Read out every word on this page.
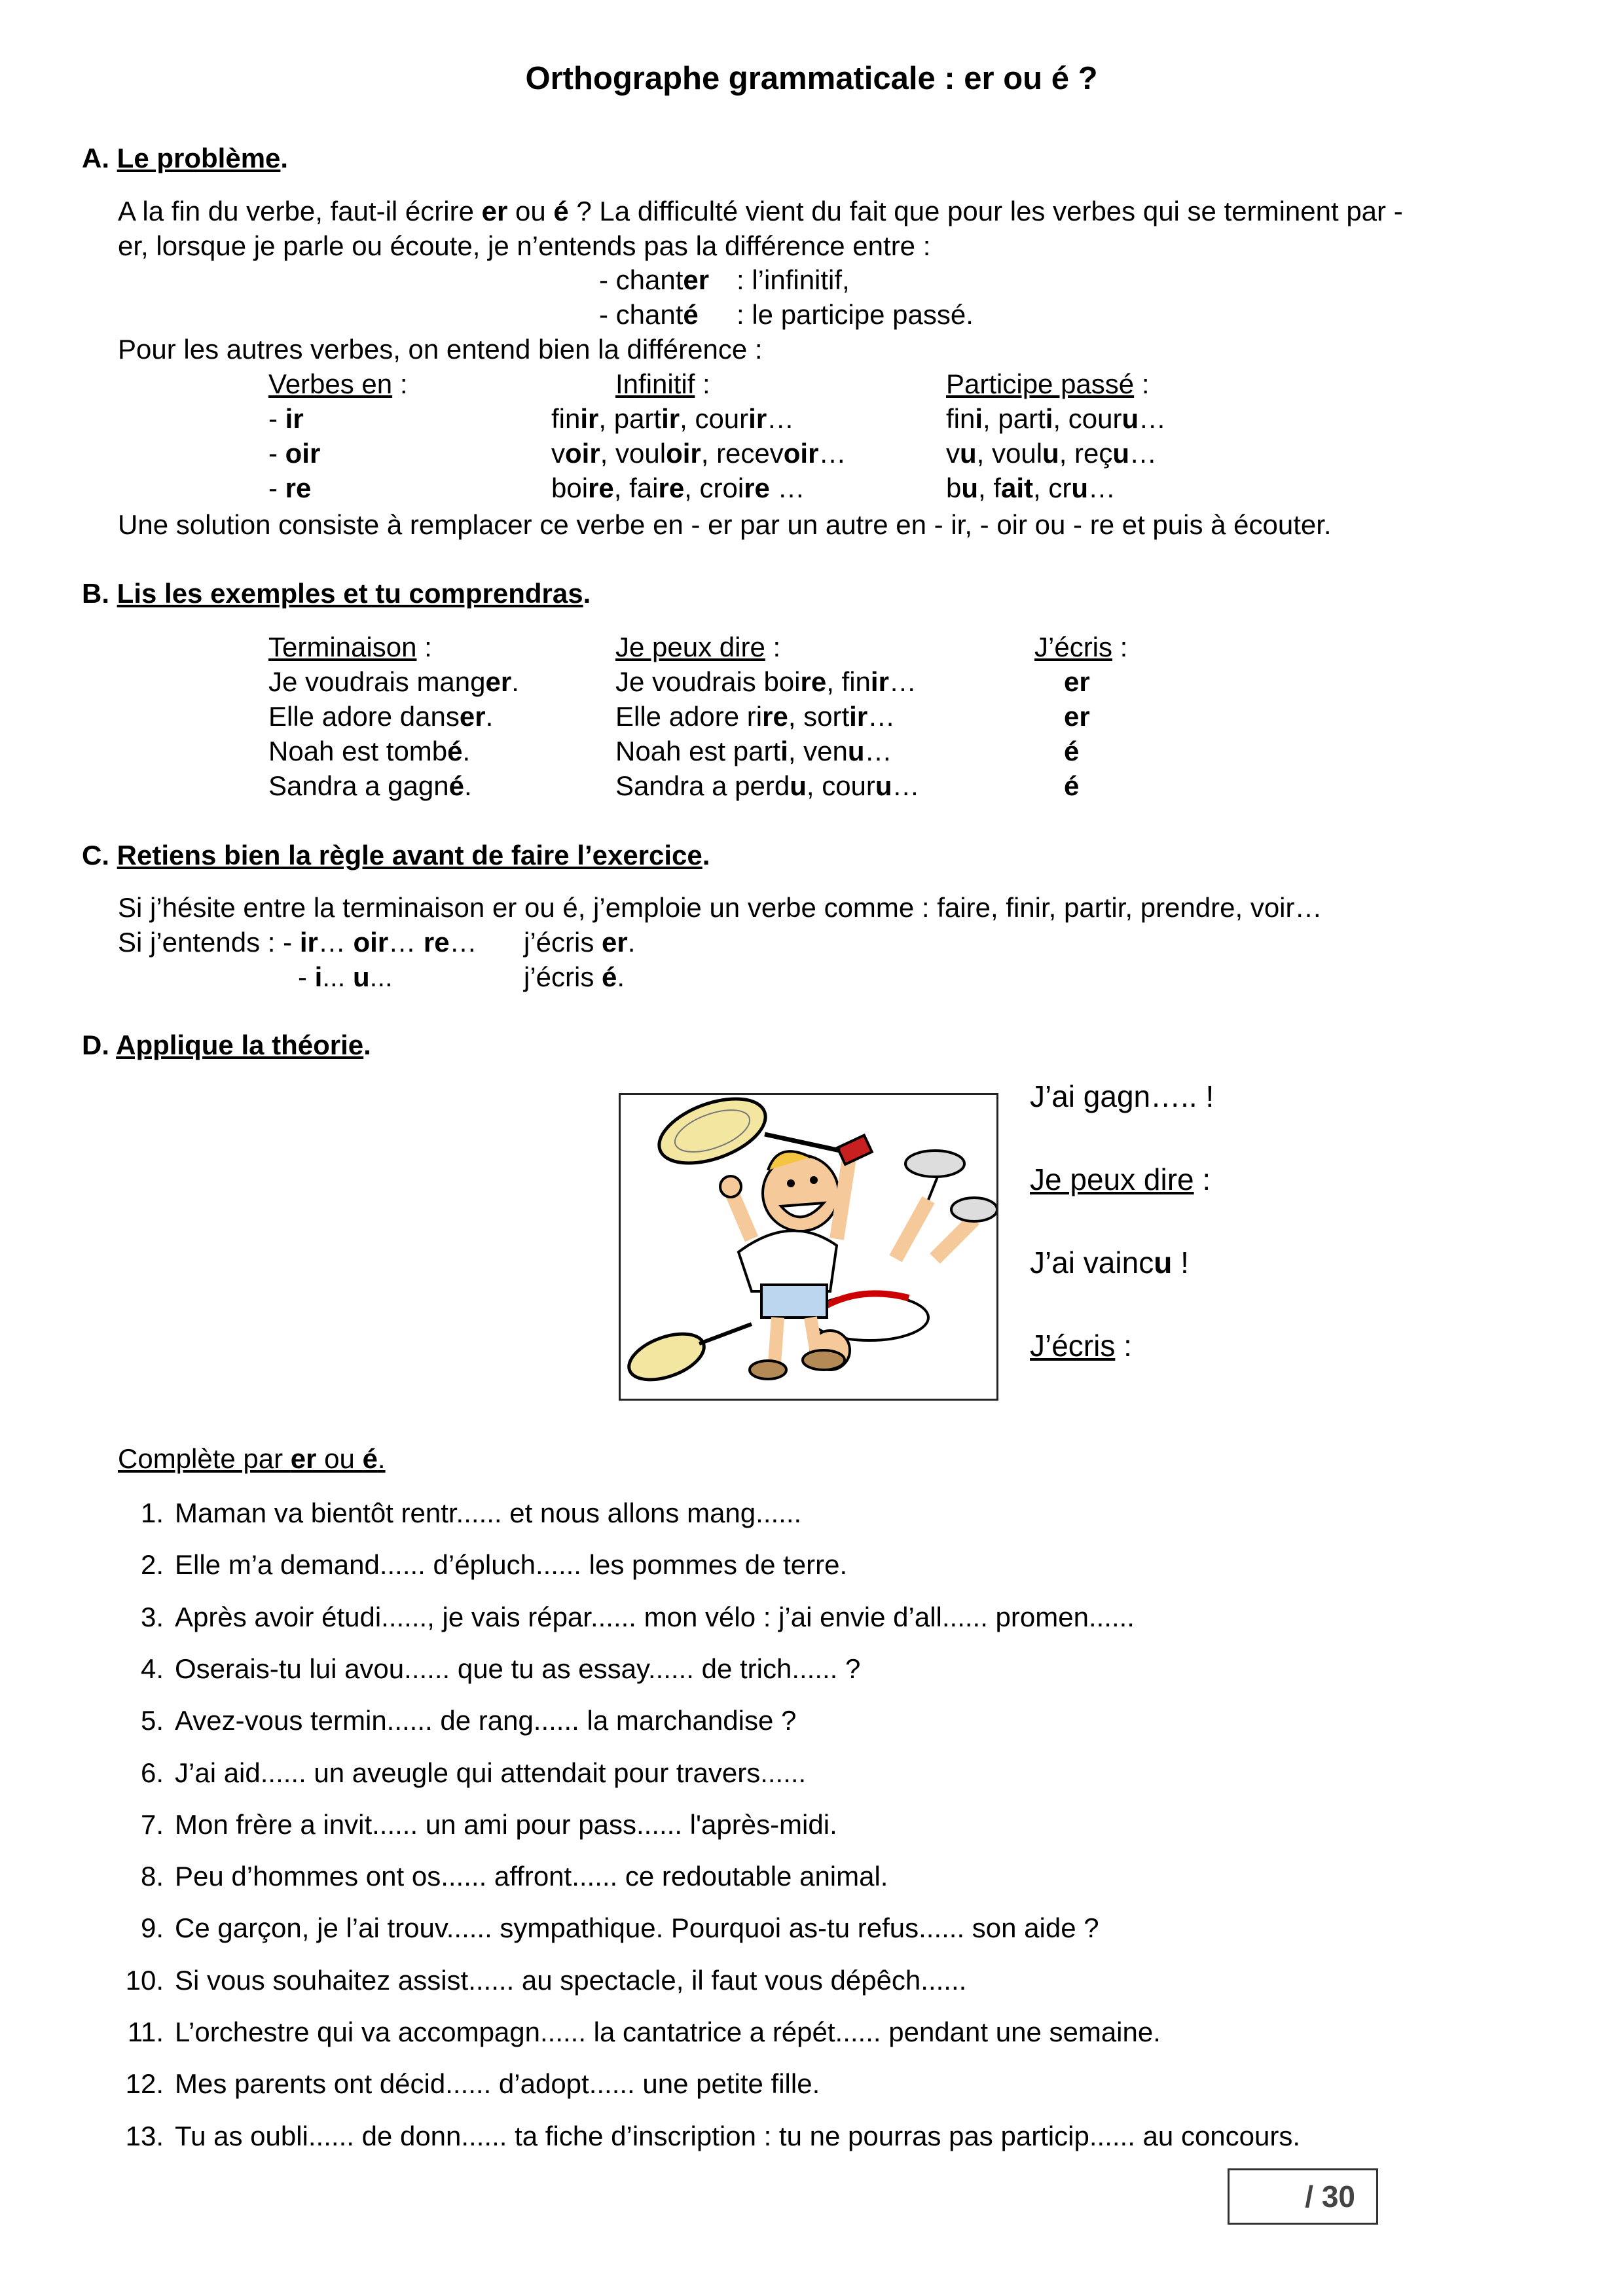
Orthographe grammaticale : er ou é ?
A. Le problème.
A la fin du verbe, faut-il écrire er ou é ? La difficulté vient du fait que pour les verbes qui se terminent par -
er, lorsque je parle ou écoute, je n’entends pas la différence entre :
- chanter : l’infinitif,
- chanté : le participe passé.
Pour les autres verbes, on entend bien la différence :
Verbes en :	Infinitif :	Participe passé :
- ir	finir, partir, courir…	fini, parti, couru…
- oir	voir, vouloir, recevoir…	vu, voulu, reçu…
- re	boire, faire, croire …	bu, fait, cru…
Une solution consiste à remplacer ce verbe en - er par un autre en - ir, - oir ou - re et puis à écouter.
B. Lis les exemples et tu comprendras.
Terminaison :	Je peux dire :	J’écris :
Je voudrais manger.	Je voudrais boire, finir…	er
Elle adore danser.	Elle adore rire, sortir…	er
Noah est tombé.	Noah est parti, venu…	é
Sandra a gagné.	Sandra a perdu, couru…	é
C. Retiens bien la règle avant de faire l’exercice.
Si j’hésite entre la terminaison er ou é, j’emploie un verbe comme : faire, finir, partir, prendre, voir…
Si j’entends : - ir… oir… re… j’écris er.
- i... u...	j’écris é.
D. Applique la théorie.
J’ai gagn….. !
Je peux dire :
J’ai vaincu !
J’écris :
Complète par er ou é.
1. Maman va bientôt rentr...... et nous allons mang......
2. Elle m’a demand...... d’épluch...... les pommes de terre.
3. Après avoir étudi......, je vais répar...... mon vélo : j’ai envie d’all...... promen......
4. Oserais-tu lui avou...... que tu as essay...... de trich...... ?
5. Avez-vous termin...... de rang...... la marchandise ?
6. J’ai aid...... un aveugle qui attendait pour travers......
7. Mon frère a invit...... un ami pour pass...... l'après-midi.
8. Peu d’hommes ont os...... affront...... ce redoutable animal.
9. Ce garçon, je l’ai trouv...... sympathique. Pourquoi as-tu refus...... son aide ?
10. Si vous souhaitez assist...... au spectacle, il faut vous dépêch......
11. L’orchestre qui va accompagn...... la cantatrice a répét...... pendant une semaine.
12. Mes parents ont décid...... d’adopt...... une petite fille.
13. Tu as oubli...... de donn...... ta fiche d’inscription : tu ne pourras pas particip...... au concours.
/ 30
